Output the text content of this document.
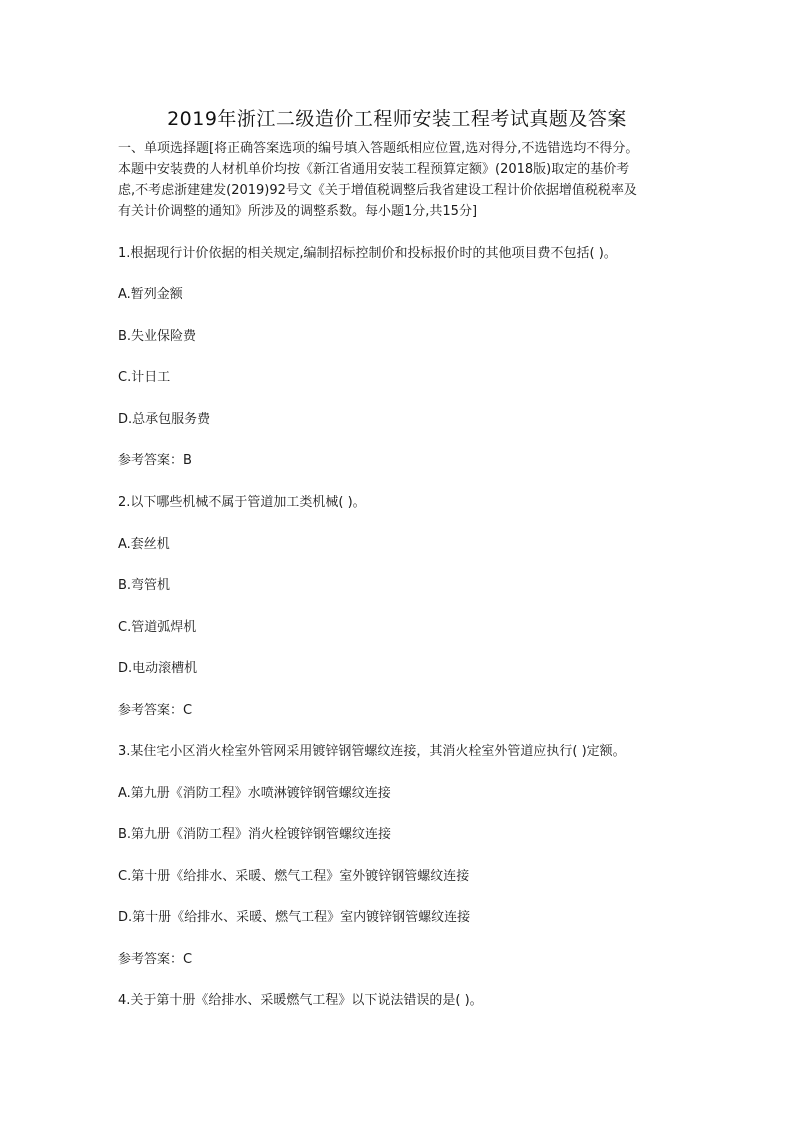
2019年浙江二级造价工程师安装工程考试真题及答案

一、单项选择题[将正确答案选项的编号填入答题纸相应位置,选对得分,不选错选均不得分。

本题中安装费的人材机单价均按《新江省通用安装工程预算定额》(2018版)取定的基价考

虑,不考虑浙建建发(2019)92号文《关于增值税调整后我省建设工程计价依据增值税税率及

有关计价调整的通知》所涉及的调整系数。每小题1分,共15分]

1.根据现行计价依据的相关规定,编制招标控制价和投标报价时的其他项目费不包括( )。
A.暂列金额
B.失业保险费
C.计日工
D.总承包服务费
参考答案：B
2.以下哪些机械不属于管道加工类机械( )。
A.套丝机
B.弯管机
C.管道弧焊机
D.电动滚槽机
参考答案：C
3.某住宅小区消火栓室外管网采用镀锌钢管螺纹连接，其消火栓室外管道应执行( )定额。
A.第九册《消防工程》水喷淋镀锌钢管螺纹连接
B.第九册《消防工程》消火栓镀锌钢管螺纹连接
C.第十册《给排水、采暖、燃气工程》室外镀锌钢管螺纹连接
D.第十册《给排水、采暖、燃气工程》室内镀锌钢管螺纹连接
参考答案：C
4.关于第十册《给排水、采暖燃气工程》以下说法错误的是( )。
